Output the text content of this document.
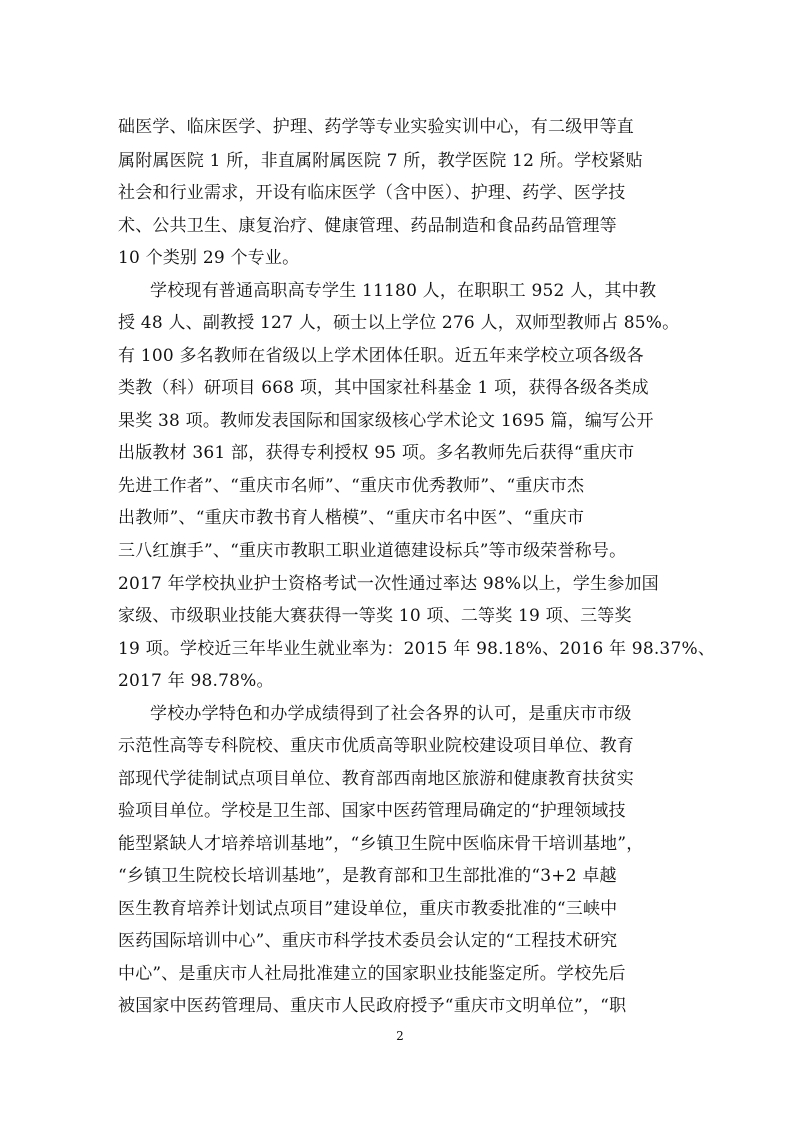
础医学、临床医学、护理、药学等专业实验实训中心，有二级甲等直
属附属医院 1 所，非直属附属医院 7 所，教学医院 12 所。学校紧贴
社会和行业需求，开设有临床医学（含中医）、护理、药学、医学技
术、公共卫生、康复治疗、健康管理、药品制造和食品药品管理等
10 个类别 29 个专业。
学校现有普通高职高专学生 11180 人，在职职工 952 人，其中教
授 48 人、副教授 127 人，硕士以上学位 276 人，双师型教师占 85%。
有 100 多名教师在省级以上学术团体任职。近五年来学校立项各级各
类教（科）研项目 668 项，其中国家社科基金 1 项，获得各级各类成
果奖 38 项。教师发表国际和国家级核心学术论文 1695 篇，编写公开
出版教材 361 部，获得专利授权 95 项。多名教师先后获得“重庆市
先进工作者”、“重庆市名师”、“重庆市优秀教师”、“重庆市杰
出教师”、“重庆市教书育人楷模”、“重庆市名中医”、“重庆市
三八红旗手”、“重庆市教职工职业道德建设标兵”等市级荣誉称号。
2017 年学校执业护士资格考试一次性通过率达 98%以上，学生参加国
家级、市级职业技能大赛获得一等奖 10 项、二等奖 19 项、三等奖
19 项。学校近三年毕业生就业率为：2015 年 98.18%、2016 年 98.37%、
2017 年 98.78%。
学校办学特色和办学成绩得到了社会各界的认可，是重庆市市级
示范性高等专科院校、重庆市优质高等职业院校建设项目单位、教育
部现代学徒制试点项目单位、教育部西南地区旅游和健康教育扶贫实
验项目单位。学校是卫生部、国家中医药管理局确定的“护理领域技
能型紧缺人才培养培训基地”，“乡镇卫生院中医临床骨干培训基地”，
“乡镇卫生院校长培训基地”，是教育部和卫生部批准的“3+2 卓越
医生教育培养计划试点项目”建设单位，重庆市教委批准的“三峡中
医药国际培训中心”、重庆市科学技术委员会认定的“工程技术研究
中心”、是重庆市人社局批准建立的国家职业技能鉴定所。学校先后
被国家中医药管理局、重庆市人民政府授予“重庆市文明单位”，“职
2
